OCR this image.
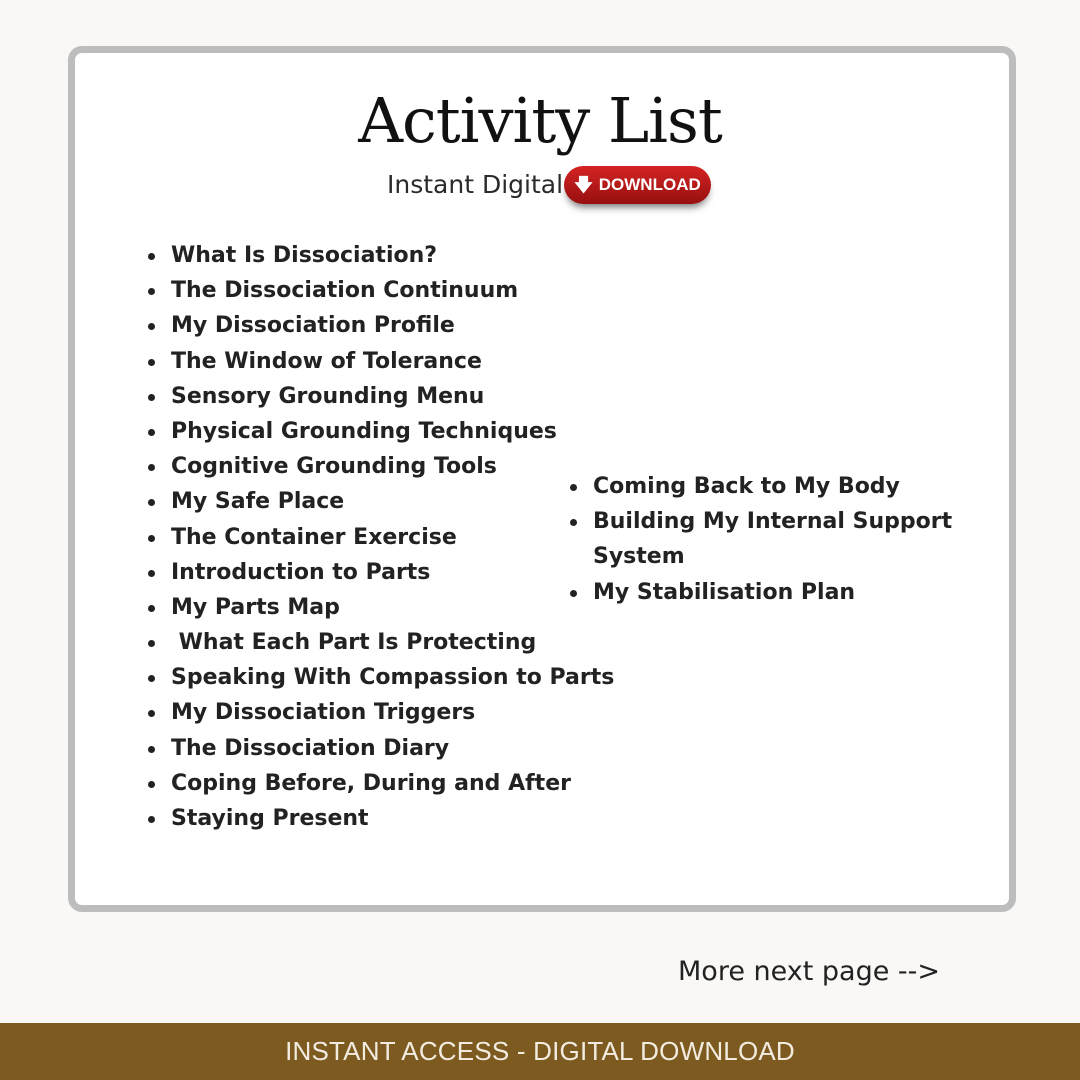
Activity List
Instant Digital 🡇 DOWNLOAD
What Is Dissociation?
The Dissociation Continuum
My Dissociation Profile
The Window of Tolerance
Sensory Grounding Menu
Physical Grounding Techniques
Cognitive Grounding Tools
My Safe Place
The Container Exercise
Introduction to Parts
My Parts Map
What Each Part Is Protecting
Speaking With Compassion to Parts
My Dissociation Triggers
The Dissociation Diary
Coping Before, During and After
Staying Present
Coming Back to My Body
Building My Internal Support
System
My Stabilisation Plan
More next page -->
INSTANT ACCESS - DIGITAL DOWNLOAD
